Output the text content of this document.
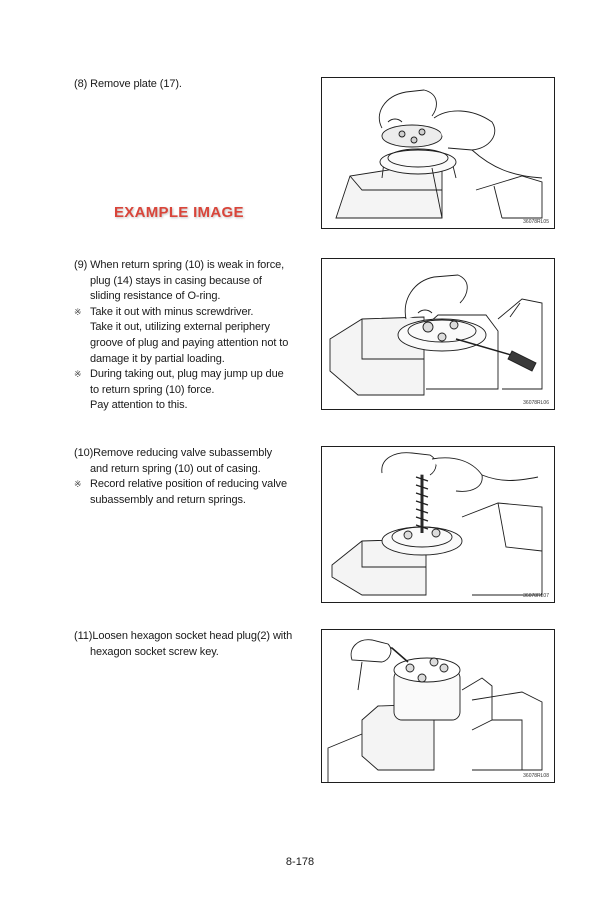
(8)
Remove plate (17).
(9)
When return spring (10) is weak in force,
plug (14) stays in casing because of
sliding resistance of O-ring.
※ Take it out with minus screwdriver.
Take it out, utilizing external periphery
groove of plug and paying attention not to
damage it by partial loading.
※ During taking out, plug may jump up due
to return spring (10) force.
Pay attention to this.
(10) Remove reducing valve subassembly
and return spring (10) out of casing.
※ Record relative position of reducing valve
subassembly and return springs.
(11) Loosen hexagon socket head plug(2) with
hexagon socket screw key.
EXAMPLE IMAGE
36078RL05
36078RL06
36078RL07
36078RL08
8-178
